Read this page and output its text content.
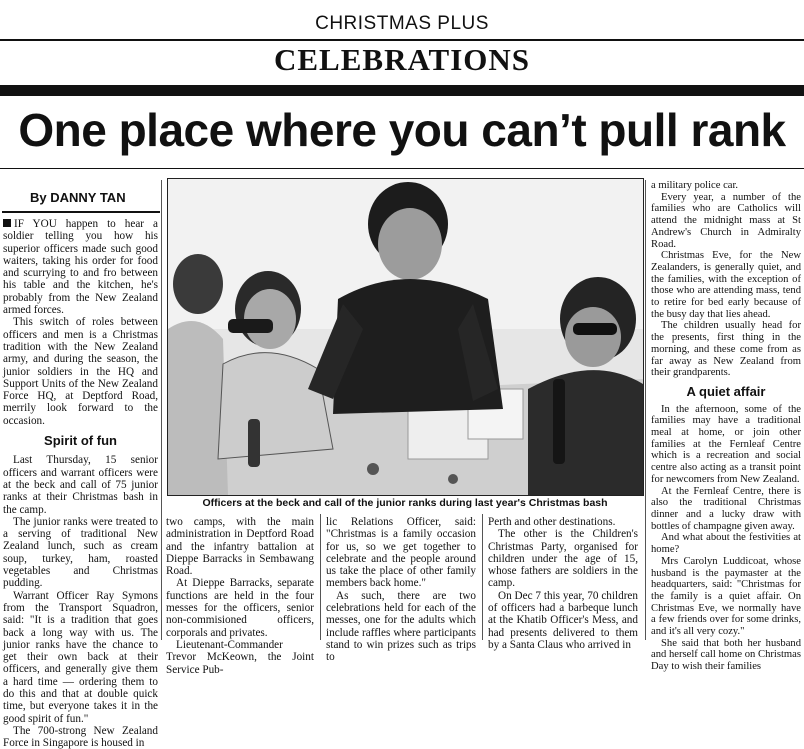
CHRISTMAS PLUS
CELEBRATIONS
One place where you can’t pull rank
By DANNY TAN

IF YOU happen to hear a soldier telling you how his superior officers made such good waiters, taking his order for food and scurrying to and fro between his table and the kitchen, he's probably from the New Zealand armed forces.

This switch of roles between officers and men is a Christmas tradition with the New Zealand army, and during the season, the junior soldiers in the HQ and Support Units of the New Zealand Force HQ, at Deptford Road, merrily look forward to the occasion.

Spirit of fun

Last Thursday, 15 senior officers and warrant officers were at the beck and call of 75 junior ranks at their Christmas bash in the camp.

The junior ranks were treated to a serving of traditional New Zealand lunch, such as cream soup, turkey, ham, roasted vegetables and Christmas pudding.

Warrant Officer Ray Symons from the Transport Squadron, said: "It is a tradition that goes back a long way with us. The junior ranks have the chance to get their own back at their officers, and generally give them a hard time — ordering them to do this and that at double quick time, but everyone takes it in the good spirit of fun."

The 700-strong New Zealand Force in Singapore is housed in

Officers at the beck and call of the junior ranks during last year's Christmas bash

two camps, with the main administration in Deptford Road and the infantry battalion at Dieppe Barracks in Sembawang Road.

At Dieppe Barracks, separate functions are held in the four messes for the officers, senior non-commisioned officers, corporals and privates.

Lieutenant-Commander Trevor McKeown, the Joint Service Pub-

lic Relations Officer, said: "Christmas is a family occasion for us, so we get together to celebrate and the people around us take the place of other family members back home."

As such, there are two celebrations held for each of the messes, one for the adults which include raffles where participants stand to win prizes such as trips to

Perth and other destinations.

The other is the Children's Christmas Party, organised for children under the age of 15, whose fathers are soldiers in the camp.

On Dec 7 this year, 70 children of officers had a barbeque lunch at the Khatib Officer's Mess, and had presents delivered to them by a Santa Claus who arrived in

a military police car.

Every year, a number of the families who are Catholics will attend the midnight mass at St Andrew's Church in Admiralty Road.

Christmas Eve, for the New Zealanders, is generally quiet, and the families, with the exception of those who are attending mass, tend to retire for bed early because of the busy day that lies ahead.

The children usually head for the presents, first thing in the morning, and these come from as far away as New Zealand from their grandparents.

A quiet affair

In the afternoon, some of the families may have a traditional meal at home, or join other families at the Fernleaf Centre which is a recreation and social centre also acting as a transit point for newcomers from New Zealand.

At the Fernleaf Centre, there is also the traditional Christmas dinner and a lucky draw with bottles of champagne given away.

And what about the festivities at home?

Mrs Carolyn Luddicoat, whose husband is the paymaster at the headquarters, said: "Christmas for the family is a quiet affair. On Christmas Eve, we normally have a few friends over for some drinks, and it's all very cozy."

She said that both her husband and herself call home on Christmas Day to wish their families
